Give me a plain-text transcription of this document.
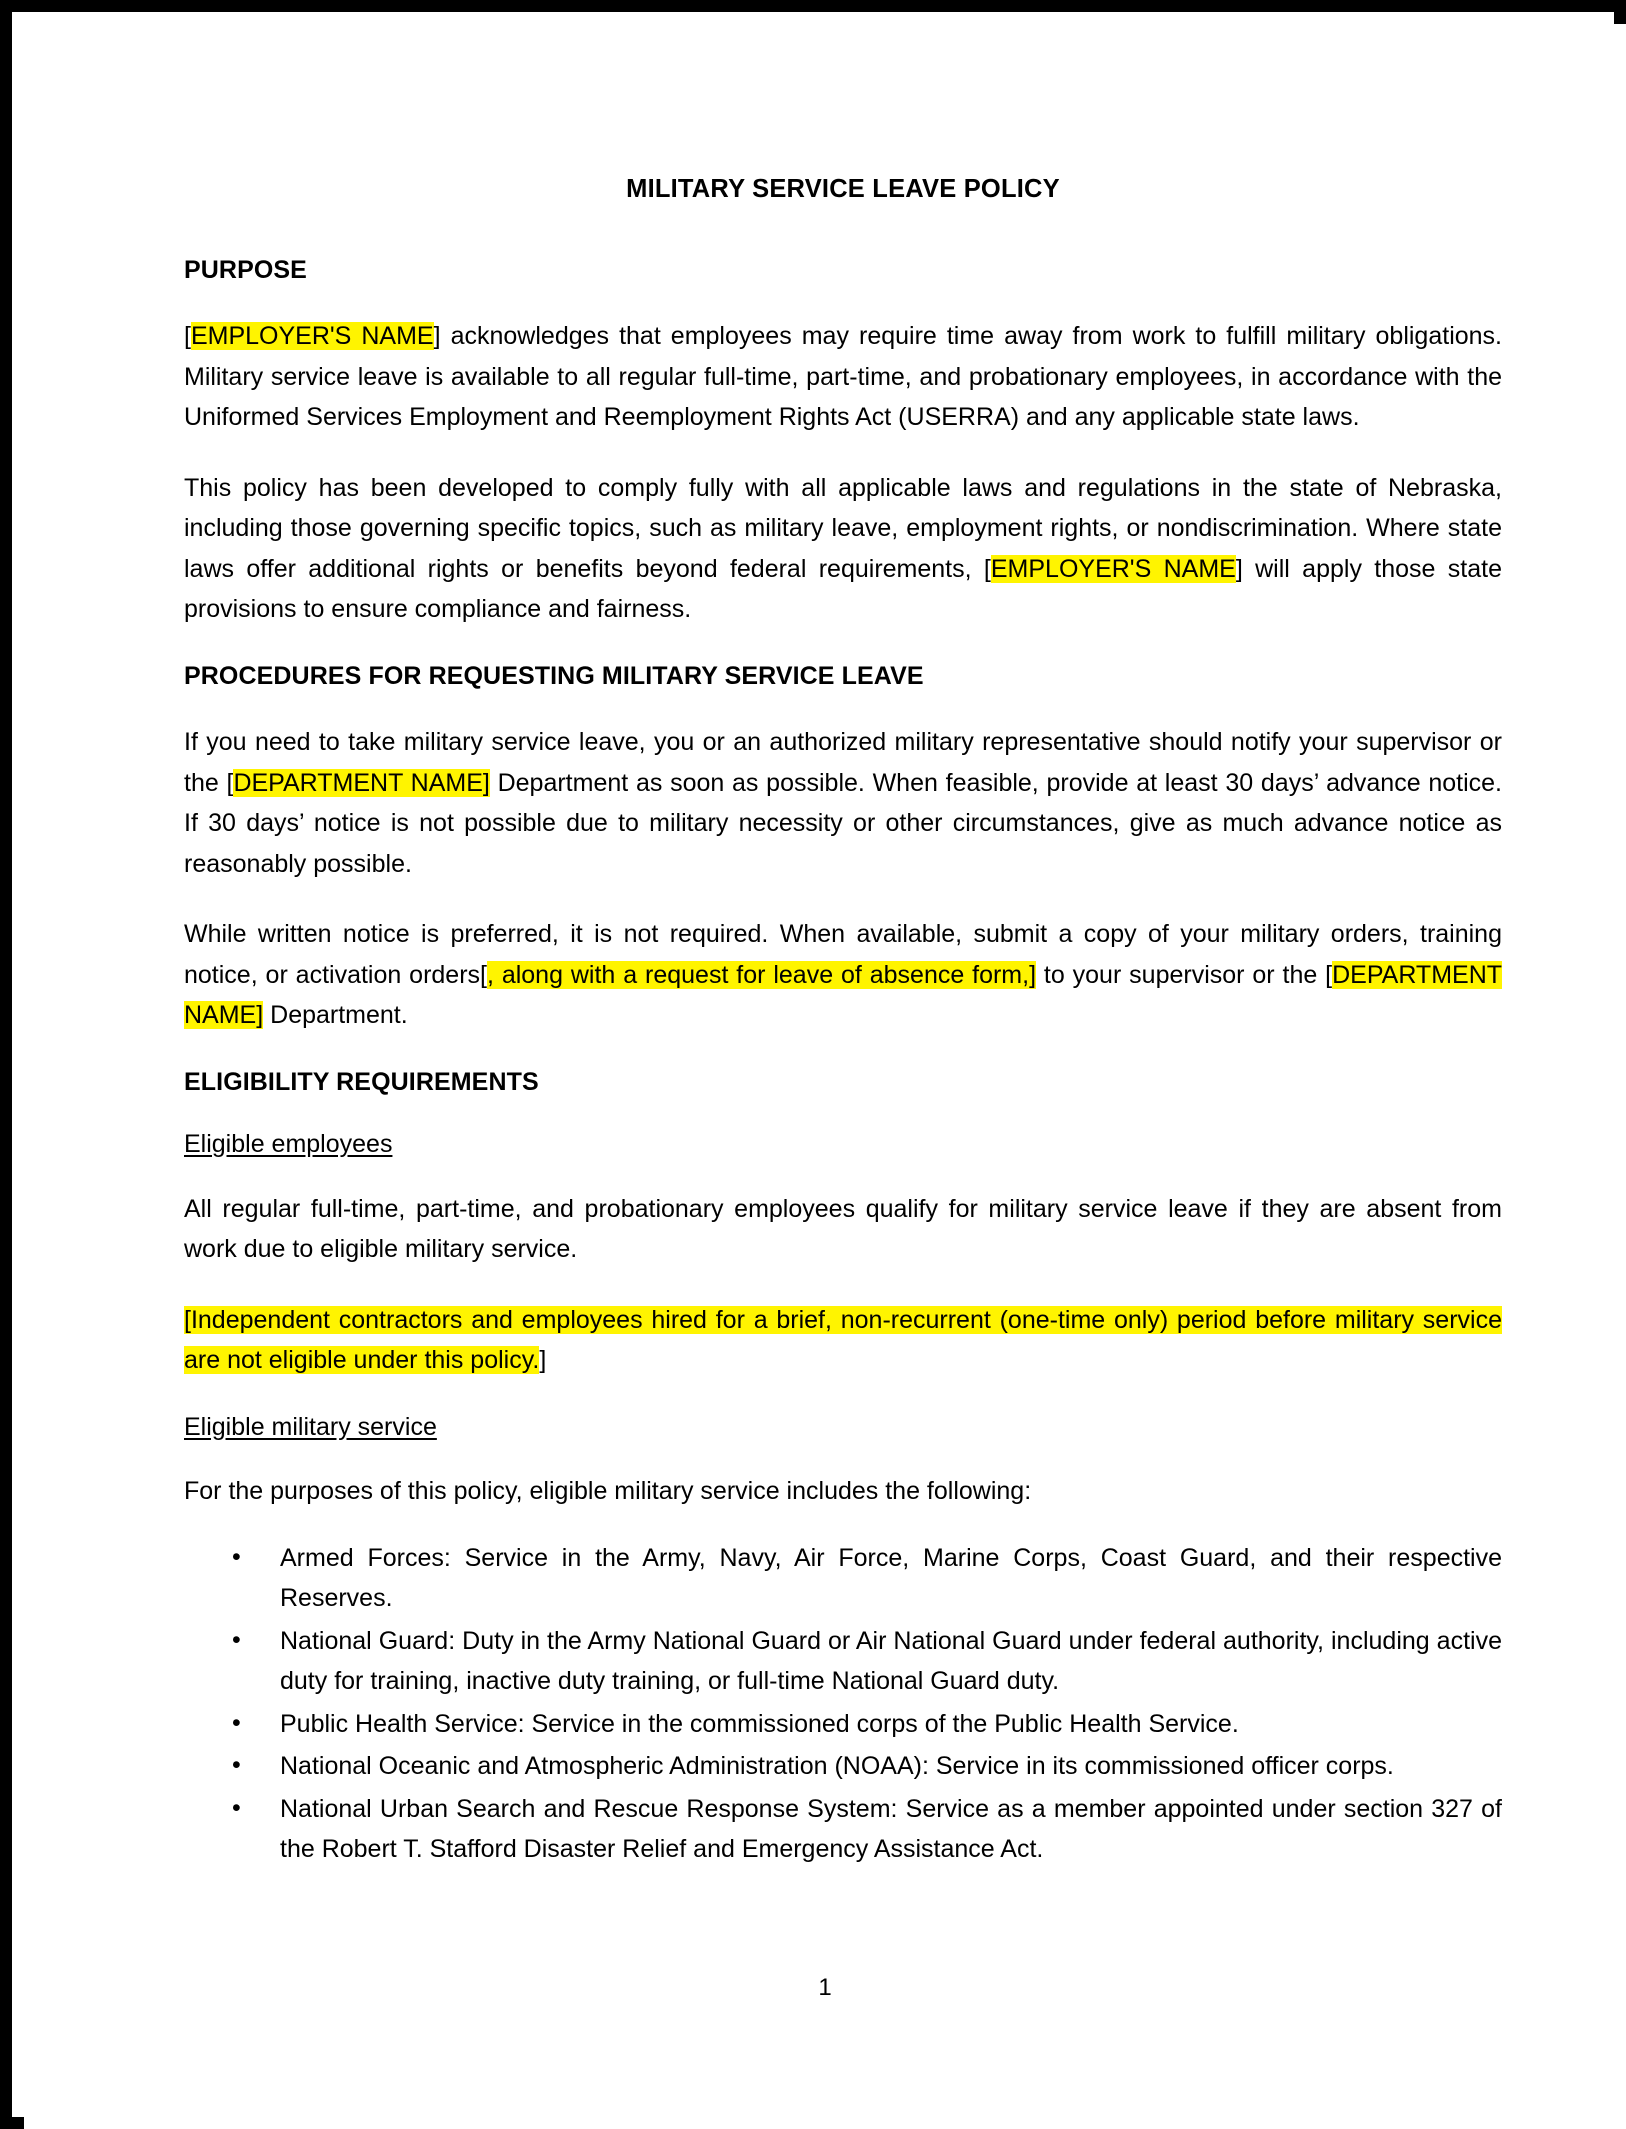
MILITARY SERVICE LEAVE POLICY
PURPOSE

[EMPLOYER'S NAME] acknowledges that employees may require time away from work to fulfill military obligations. Military service leave is available to all regular full-time, part-time, and probationary employees, in accordance with the Uniformed Services Employment and Reemployment Rights Act (USERRA) and any applicable state laws.

This policy has been developed to comply fully with all applicable laws and regulations in the state of Nebraska, including those governing specific topics, such as military leave, employment rights, or nondiscrimination. Where state laws offer additional rights or benefits beyond federal requirements, [EMPLOYER'S NAME] will apply those state provisions to ensure compliance and fairness.

PROCEDURES FOR REQUESTING MILITARY SERVICE LEAVE

If you need to take military service leave, you or an authorized military representative should notify your supervisor or the [DEPARTMENT NAME] Department as soon as possible. When feasible, provide at least 30 days’ advance notice. If 30 days’ notice is not possible due to military necessity or other circumstances, give as much advance notice as reasonably possible.

While written notice is preferred, it is not required. When available, submit a copy of your military orders, training notice, or activation orders[, along with a request for leave of absence form,] to your supervisor or the [DEPARTMENT NAME] Department.

ELIGIBILITY REQUIREMENTS
Eligible employees

All regular full-time, part-time, and probationary employees qualify for military service leave if they are absent from work due to eligible military service.

[Independent contractors and employees hired for a brief, non-recurrent (one-time only) period before military service are not eligible under this policy.]

Eligible military service

For the purposes of this policy, eligible military service includes the following:

• Armed Forces: Service in the Army, Navy, Air Force, Marine Corps, Coast Guard, and their respective Reserves.
• National Guard: Duty in the Army National Guard or Air National Guard under federal authority, including active duty for training, inactive duty training, or full-time National Guard duty.
• Public Health Service: Service in the commissioned corps of the Public Health Service.
• National Oceanic and Atmospheric Administration (NOAA): Service in its commissioned officer corps.
• National Urban Search and Rescue Response System: Service as a member appointed under section 327 of the Robert T. Stafford Disaster Relief and Emergency Assistance Act.
1
